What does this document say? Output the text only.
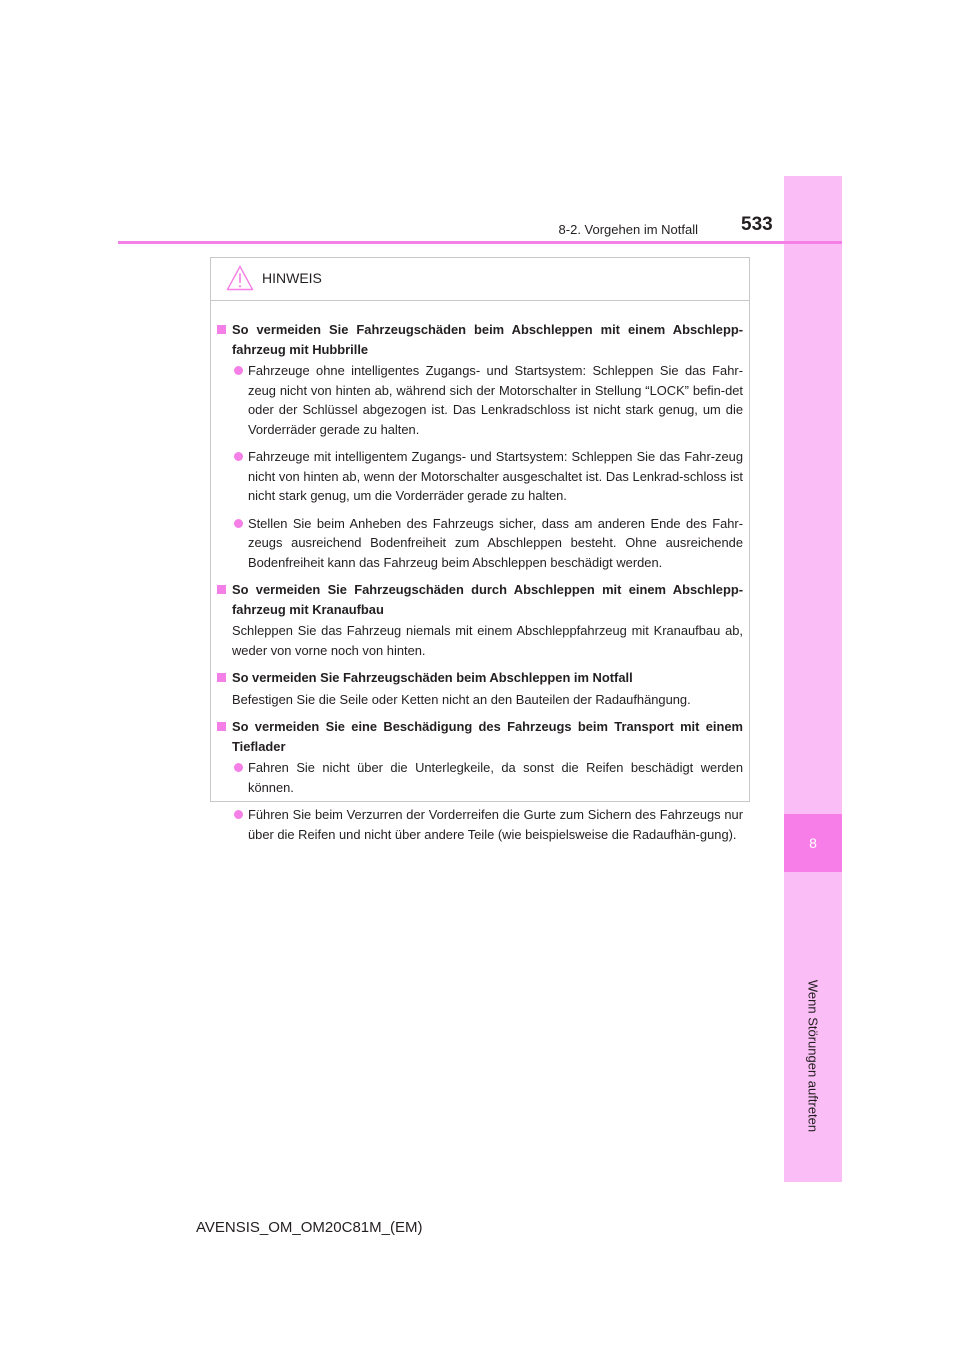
8
Wenn Störungen auftreten
8-2. Vorgehen im Notfall 533
HINWEIS
So vermeiden Sie Fahrzeugschäden beim Abschleppen mit einem Abschlepp-fahrzeug mit Hubbrille
Fahrzeuge ohne intelligentes Zugangs- und Startsystem: Schleppen Sie das Fahr-zeug nicht von hinten ab, während sich der Motorschalter in Stellung “LOCK” befin-det oder der Schlüssel abgezogen ist. Das Lenkradschloss ist nicht stark genug, um die Vorderräder gerade zu halten.
Fahrzeuge mit intelligentem Zugangs- und Startsystem: Schleppen Sie das Fahr-zeug nicht von hinten ab, wenn der Motorschalter ausgeschaltet ist. Das Lenkrad-schloss ist nicht stark genug, um die Vorderräder gerade zu halten.
Stellen Sie beim Anheben des Fahrzeugs sicher, dass am anderen Ende des Fahr-zeugs ausreichend Bodenfreiheit zum Abschleppen besteht. Ohne ausreichende Bodenfreiheit kann das Fahrzeug beim Abschleppen beschädigt werden.
So vermeiden Sie Fahrzeugschäden durch Abschleppen mit einem Abschlepp-fahrzeug mit Kranaufbau
Schleppen Sie das Fahrzeug niemals mit einem Abschleppfahrzeug mit Kranaufbau ab, weder von vorne noch von hinten.
So vermeiden Sie Fahrzeugschäden beim Abschleppen im Notfall
Befestigen Sie die Seile oder Ketten nicht an den Bauteilen der Radaufhängung.
So vermeiden Sie eine Beschädigung des Fahrzeugs beim Transport mit einem Tieflader
Fahren Sie nicht über die Unterlegkeile, da sonst die Reifen beschädigt werden können.
Führen Sie beim Verzurren der Vorderreifen die Gurte zum Sichern des Fahrzeugs nur über die Reifen und nicht über andere Teile (wie beispielsweise die Radaufhän-gung).
AVENSIS_OM_OM20C81M_(EM)
